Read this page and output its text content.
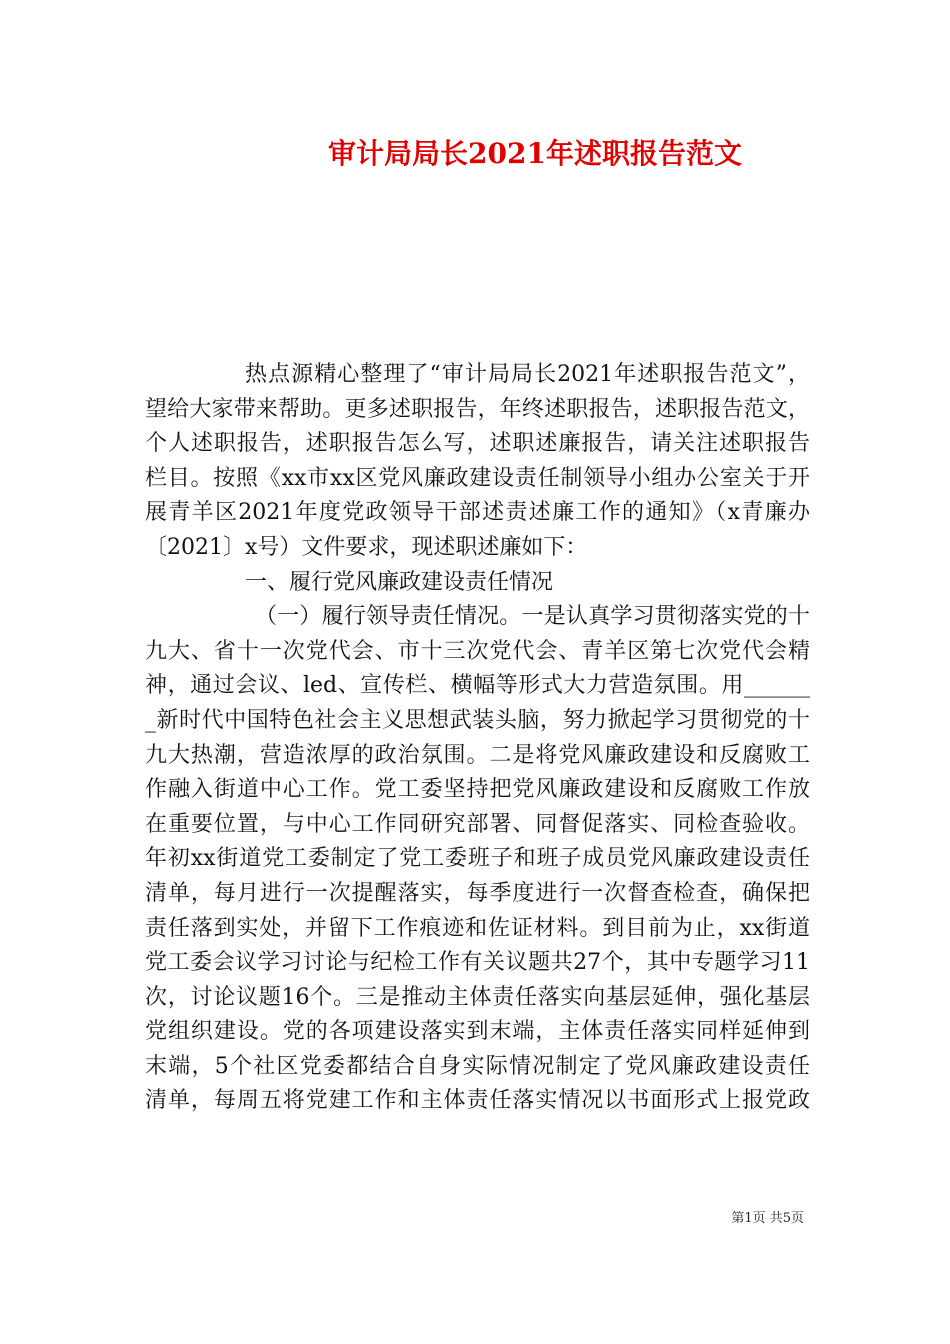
审计局局长2021年述职报告范文

热点源精心整理了“审计局局长2021年述职报告范文”，
望给大家带来帮助。更多述职报告，年终述职报告，述职报告范文，
个人述职报告，述职报告怎么写，述职述廉报告，请关注述职报告
栏目。按照《xx市xx区党风廉政建设责任制领导小组办公室关于开
展青羊区2021年度党政领导干部述责述廉工作的通知》（x青廉办
〔2021〕x号）文件要求，现述职述廉如下：

一、履行党风廉政建设责任情况

（一）履行领导责任情况。一是认真学习贯彻落实党的十
九大、省十一次党代会、市十三次党代会、青羊区第七次党代会精
神，通过会议、led、宣传栏、横幅等形式大力营造氛围。用______
_新时代中国特色社会主义思想武装头脑，努力掀起学习贯彻党的十
九大热潮，营造浓厚的政治氛围。二是将党风廉政建设和反腐败工
作融入街道中心工作。党工委坚持把党风廉政建设和反腐败工作放
在重要位置，与中心工作同研究部署、同督促落实、同检查验收。
年初xx街道党工委制定了党工委班子和班子成员党风廉政建设责任
清单，每月进行一次提醒落实，每季度进行一次督查检查，确保把
责任落到实处，并留下工作痕迹和佐证材料。到目前为止，xx街道
党工委会议学习讨论与纪检工作有关议题共27个，其中专题学习11
次，讨论议题16个。三是推动主体责任落实向基层延伸，强化基层
党组织建设。党的各项建设落实到末端，主体责任落实同样延伸到
末端，5个社区党委都结合自身实际情况制定了党风廉政建设责任
清单，每周五将党建工作和主体责任落实情况以书面形式上报党政

第1页 共5页
